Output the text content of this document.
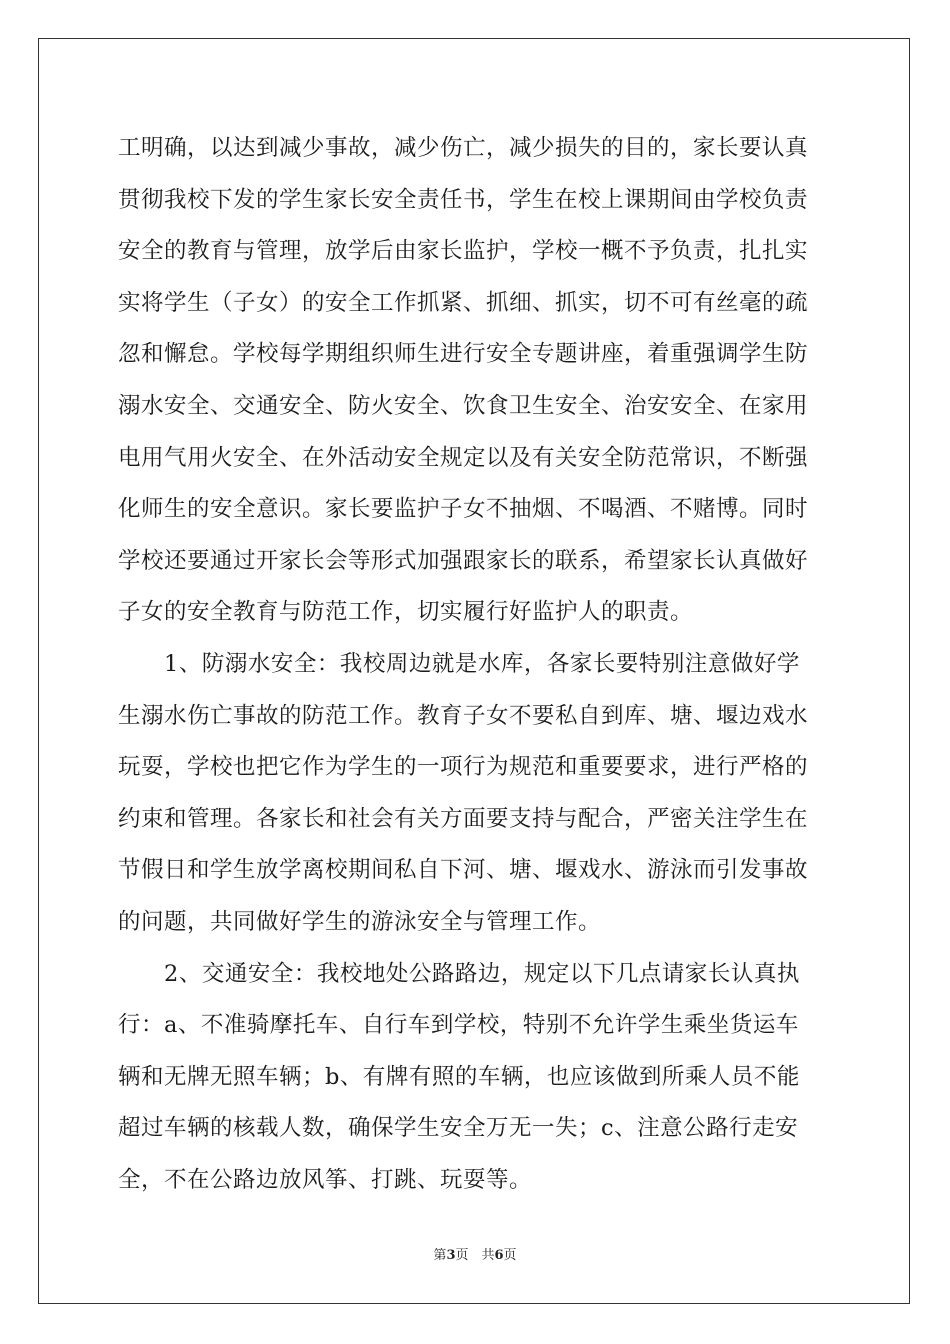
工明确，以达到减少事故，减少伤亡，减少损失的目的，家长要认真
贯彻我校下发的学生家长安全责任书，学生在校上课期间由学校负责
安全的教育与管理，放学后由家长监护，学校一概不予负责，扎扎实
实将学生（子女）的安全工作抓紧、抓细、抓实，切不可有丝毫的疏
忽和懈怠。学校每学期组织师生进行安全专题讲座，着重强调学生防
溺水安全、交通安全、防火安全、饮食卫生安全、治安安全、在家用
电用气用火安全、在外活动安全规定以及有关安全防范常识，不断强
化师生的安全意识。家长要监护子女不抽烟、不喝酒、不赌博。同时
学校还要通过开家长会等形式加强跟家长的联系，希望家长认真做好
子女的安全教育与防范工作，切实履行好监护人的职责。
　　1、防溺水安全：我校周边就是水库，各家长要特别注意做好学
生溺水伤亡事故的防范工作。教育子女不要私自到库、塘、堰边戏水
玩耍，学校也把它作为学生的一项行为规范和重要要求，进行严格的
约束和管理。各家长和社会有关方面要支持与配合，严密关注学生在
节假日和学生放学离校期间私自下河、塘、堰戏水、游泳而引发事故
的问题，共同做好学生的游泳安全与管理工作。
　　2、交通安全：我校地处公路路边，规定以下几点请家长认真执
行：a、不准骑摩托车、自行车到学校，特别不允许学生乘坐货运车
辆和无牌无照车辆；b、有牌有照的车辆，也应该做到所乘人员不能
超过车辆的核载人数，确保学生安全万无一失；c、注意公路行走安
全，不在公路边放风筝、打跳、玩耍等。
第3页　共6页
